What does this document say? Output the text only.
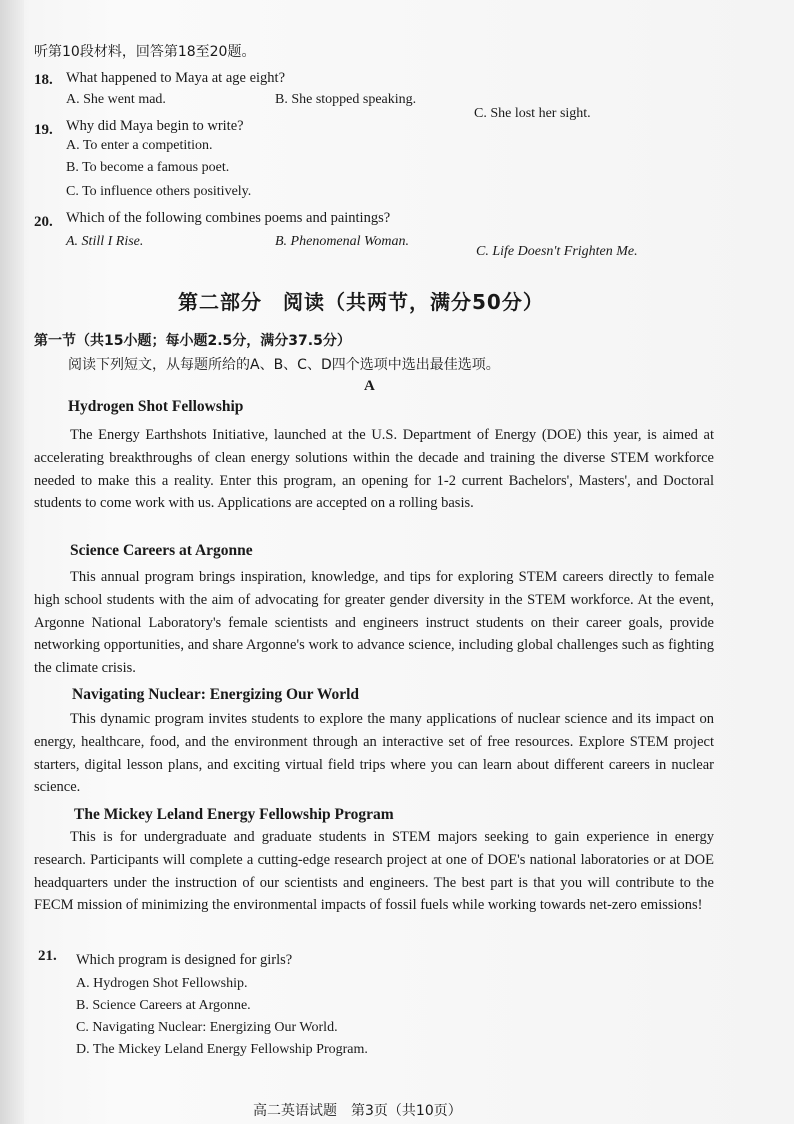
听第10段材料，回答第18至20题。
18. What happened to Maya at age eight?
A. She went mad.	B. She stopped speaking.
C. She lost her sight.
19. Why did Maya begin to write?
A. To enter a competition.
B. To become a famous poet.
C. To influence others positively.
20. Which of the following combines poems and paintings?
A. Still I Rise.	B. Phenomenal Woman.
C. Life Doesn't Frighten Me.
第二部分　阅读（共两节，满分50分）
第一节（共15小题；每小题2.5分，满分37.5分）
阅读下列短文，从每题所给的A、B、C、D四个选项中选出最佳选项。
A
Hydrogen Shot Fellowship
The Energy Earthshots Initiative, launched at the U.S. Department of Energy (DOE) this year, is aimed at accelerating breakthroughs of clean energy solutions within the decade and training the diverse STEM workforce needed to make this a reality. Enter this program, an opening for 1-2 current Bachelors', Masters', and Doctoral students to come work with us. Applications are accepted on a rolling basis.
Science Careers at Argonne
This annual program brings inspiration, knowledge, and tips for exploring STEM careers directly to female high school students with the aim of advocating for greater gender diversity in the STEM workforce. At the event, Argonne National Laboratory's female scientists and engineers instruct students on their career goals, provide networking opportunities, and share Argonne's work to advance science, including global challenges such as fighting the climate crisis.
Navigating Nuclear: Energizing Our World
This dynamic program invites students to explore the many applications of nuclear science and its impact on energy, healthcare, food, and the environment through an interactive set of free resources. Explore STEM project starters, digital lesson plans, and exciting virtual field trips where you can learn about different careers in nuclear science.
The Mickey Leland Energy Fellowship Program
This is for undergraduate and graduate students in STEM majors seeking to gain experience in energy research. Participants will complete a cutting-edge research project at one of DOE's national laboratories or at DOE headquarters under the instruction of our scientists and engineers. The best part is that you will contribute to the FECM mission of minimizing the environmental impacts of fossil fuels while working towards net-zero emissions!
21. Which program is designed for girls?
A. Hydrogen Shot Fellowship.
B. Science Careers at Argonne.
C. Navigating Nuclear: Energizing Our World.
D. The Mickey Leland Energy Fellowship Program.
高二英语试题　第3页（共10页）
